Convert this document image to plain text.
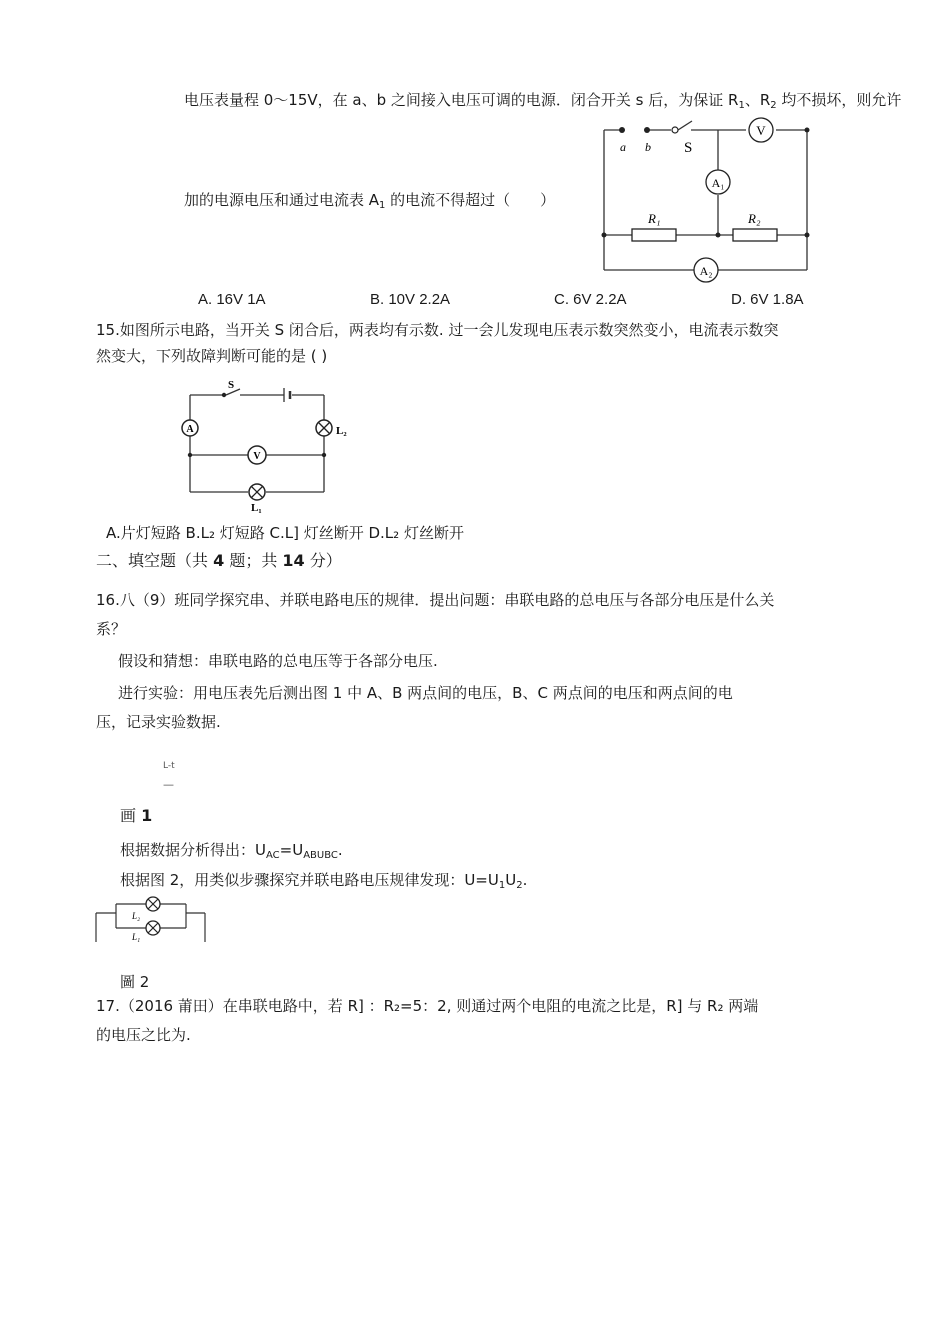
电压表量程 0～15V，在 a、b 之间接入电压可调的电源．闭合开关 s 后，为保证 $R_1$、$R_2$ 均不损坏，则允许
加的电源电压和通过电流表 $A_1$ 的电流不得超过（　　）
V
A₁
A₂
a b S
R₁	R₂
A. 16V 1A	B. 10V 2.2A	C. 6V 2.2A	D. 6V 1.8A
15.如图所示电路，当开关 S 闭合后，两表均有示数. 过一会儿发现电压表示数突然变小，电流表示数突
然变大，下列故障判断可能的是 ( )
A	L₂
V
L₁
S
A.片灯短路 B.L₂ 灯短路 C.L] 灯丝断开 D.L₂ 灯丝断开
二、填空题（共 4 题；共 14 分）
16.八（9）班同学探究串、并联电路电压的规律．提出问题：串联电路的总电压与各部分电压是什么关
系？
假设和猜想：串联电路的总电压等于各部分电压.
进行实验：用电压表先后测出图 1 中 A、B 两点间的电压，B、C 两点间的电压和两点间的电
压，记录实验数据.
L-t
—
画 1
根据数据分析得出：$U_{AC}=U_{ABUBC}$.
根据图 2，用类似步骤探究并联电路电压规律发现：$U=U_1U_2$.
L₂
L₁
圖 2
17.（2016 莆田）在串联电路中，若 R] ：R₂=5：2, 则通过两个电阻的电流之比是，R] 与 R₂ 两端
的电压之比为.
